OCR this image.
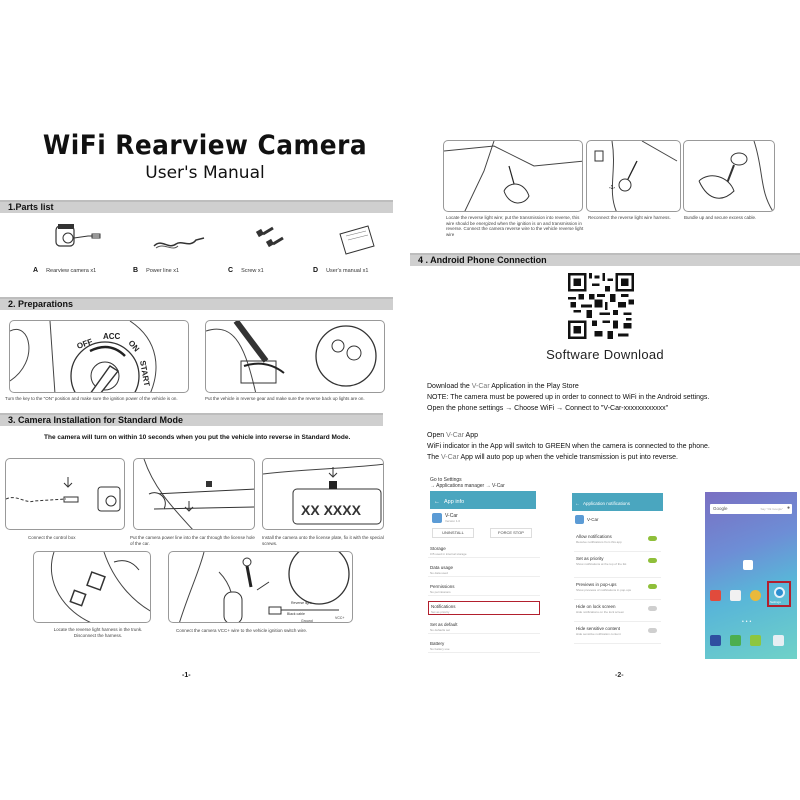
WiFi Rearview Camera
User's Manual
1.Parts list
A Rearview camera x1	B Power line x1	C Screw x1	D User's manual x1
2. Preparations
OFF
ACC
ON
START
Turn the key to the "ON" position and make sure the ignition power of the vehicle is on.	Put the vehicle in reverse gear and make sure the reverse back up lights are on.
3. Camera Installation for Standard Mode
The camera will turn on within 10 seconds when you put the vehicle into reverse in Standard Mode.
Connect the control box	Put the camera power line into the car through the license hole of the car.
XX XXXX
Install the camera onto the license plate, fix it with the special screws.
Locate the reverse light harness in the trunk. Disconnect the harness.
Reverse light
Black cable
Ground
VCC+
Connect the camera VCC+ wire to the vehicle ignition switch wire.
-1-
Locate the reverse light wire; put the transmission into reverse, this wire should be energized when the ignition is on and transmission in reverse. Connect the camera reverse wire to the vehicle reverse light wire
-1-
Reconnect the reverse light wire harness.	Bundle up and secure excess cable.
4 . Android Phone Connection
Software Download
Download the V-Car Application in the Play Store
NOTE: The camera must be powered up in order to connect to WiFi in the Android settings.
Open the phone settings → Choose WiFi → Connect to "V-Car-xxxxxxxxxxxx"
Open V-Car App
WiFi indicator in the App will switch to GREEN when the camera is connected to the phone.
The V-Car App will auto pop up when the vehicle transmission is put into reverse.
Go to Settings
→ Applications manager → V-Car
← App info
V-Car
Version 1.0
UNINSTALL	FORCE STOP
Storage
0 B used in internal storage
Data usage
No data used
Permissions
No permissions
Notifications
Set as priority
Set as default
No defaults set
Battery
No battery use
← Application notifications
V-Car
Allow notifications
Receive notifications from this app
Set as priority
Show notifications at the top of the list
Previews in pop-ups
Show previews of notifications in pop-ups
Hide on lock screen
Hide notifications on the lock screen
Hide sensitive content
Hide sensitive notification content
Google	Say "Ok Google" ●
Settings
•••
-2-
